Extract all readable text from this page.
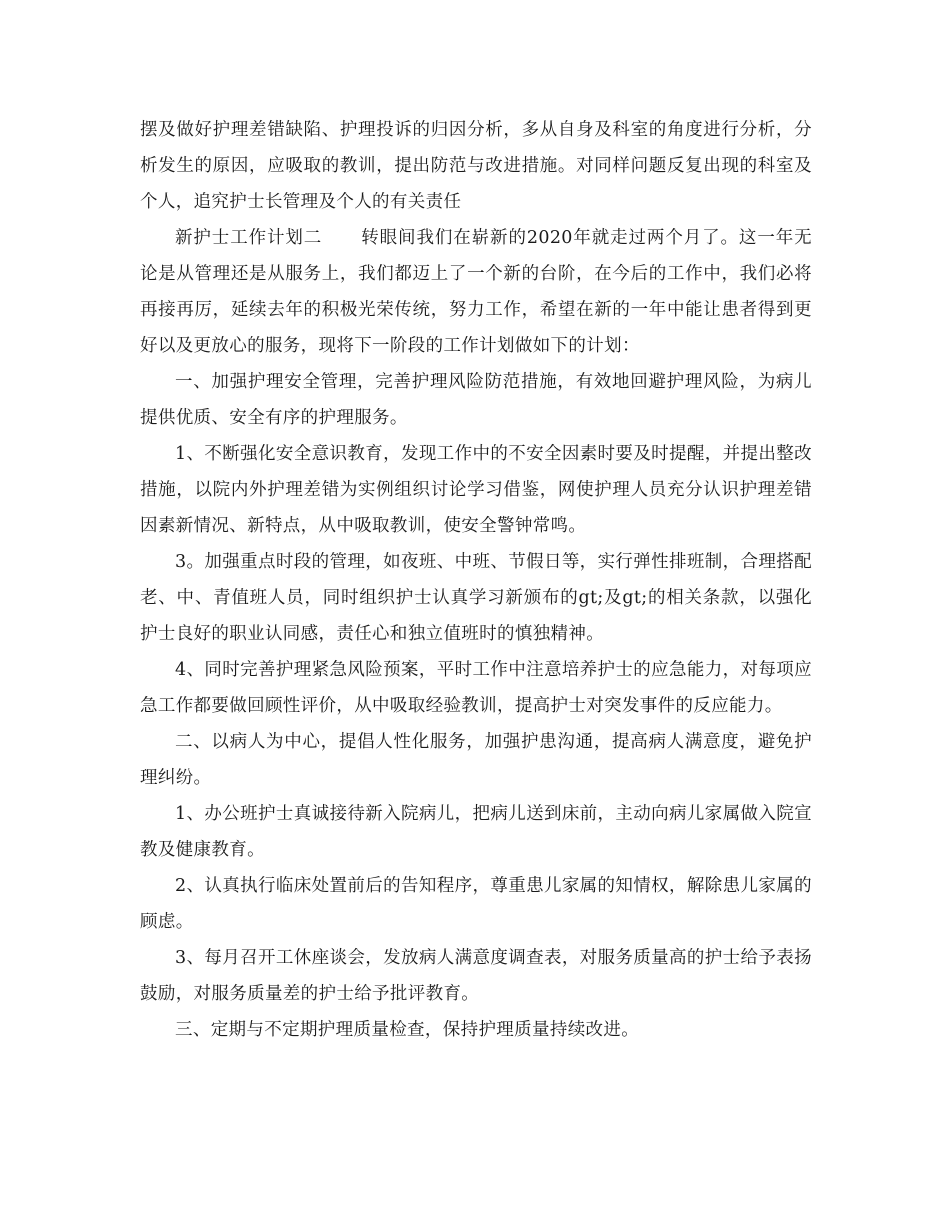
摆及做好护理差错缺陷、护理投诉的归因分析，多从自身及科室的角度进行分析，分析发生的原因，应吸取的教训，提出防范与改进措施。对同样问题反复出现的科室及个人，追究护士长管理及个人的有关责任

新护士工作计划二 转眼间我们在崭新的2020年就走过两个月了。这一年无论是从管理还是从服务上，我们都迈上了一个新的台阶，在今后的工作中，我们必将再接再厉，延续去年的积极光荣传统，努力工作，希望在新的一年中能让患者得到更好以及更放心的服务，现将下一阶段的工作计划做如下的计划：

一、加强护理安全管理，完善护理风险防范措施，有效地回避护理风险，为病儿提供优质、安全有序的护理服务。

1、不断强化安全意识教育，发现工作中的不安全因素时要及时提醒，并提出整改措施，以院内外护理差错为实例组织讨论学习借鉴，网使护理人员充分认识护理差错因素新情况、新特点，从中吸取教训，使安全警钟常鸣。

3。加强重点时段的管理，如夜班、中班、节假日等，实行弹性排班制，合理搭配老、中、青值班人员，同时组织护士认真学习新颁布的gt;及gt;的相关条款，以强化护士良好的职业认同感，责任心和独立值班时的慎独精神。

4、同时完善护理紧急风险预案，平时工作中注意培养护士的应急能力，对每项应急工作都要做回顾性评价，从中吸取经验教训，提高护士对突发事件的反应能力。

二、以病人为中心，提倡人性化服务，加强护患沟通，提高病人满意度，避免护理纠纷。

1、办公班护士真诚接待新入院病儿，把病儿送到床前，主动向病儿家属做入院宣教及健康教育。

2、认真执行临床处置前后的告知程序，尊重患儿家属的知情权，解除患儿家属的顾虑。

3、每月召开工休座谈会，发放病人满意度调查表，对服务质量高的护士给予表扬鼓励，对服务质量差的护士给予批评教育。

三、定期与不定期护理质量检查，保持护理质量持续改进。
